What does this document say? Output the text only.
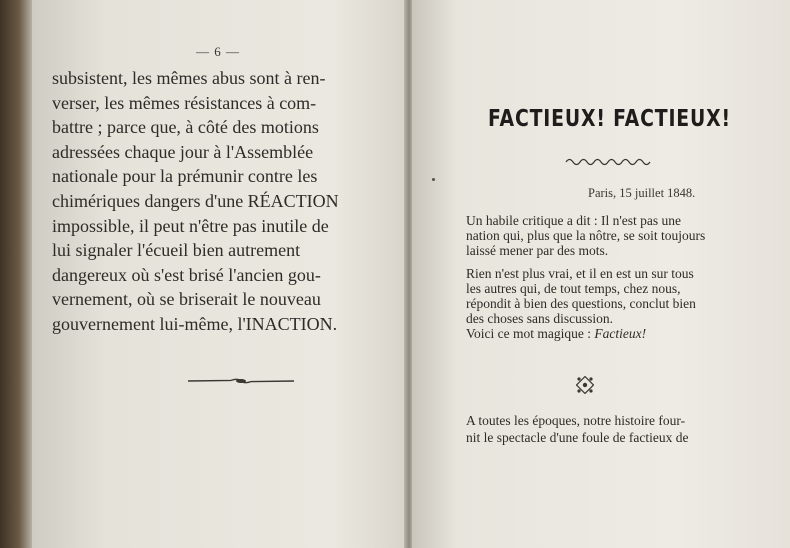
— 6 —
subsistent, les mêmes abus sont à ren-
verser, les mêmes résistances à com-
battre ; parce que, à côté des motions
adressées chaque jour à l'Assemblée
nationale pour la prémunir contre les
chimériques dangers d'une RÉACTION
impossible, il peut n'être pas inutile de
lui signaler l'écueil bien autrement
dangereux où s'est brisé l'ancien gou-
vernement, où se briserait le nouveau
gouvernement lui-même, l'INACTION.
FACTIEUX! FACTIEUX!
Paris, 15 juillet 1848.
Un habile critique a dit : Il n'est pas une
nation qui, plus que la nôtre, se soit toujours
laissé mener par des mots.
Rien n'est plus vrai, et il en est un sur tous
les autres qui, de tout temps, chez nous,
répondit à bien des questions, conclut bien
des choses sans discussion.
Voici ce mot magique : Factieux!
A toutes les époques, notre histoire four-
nit le spectacle d'une foule de factieux de
